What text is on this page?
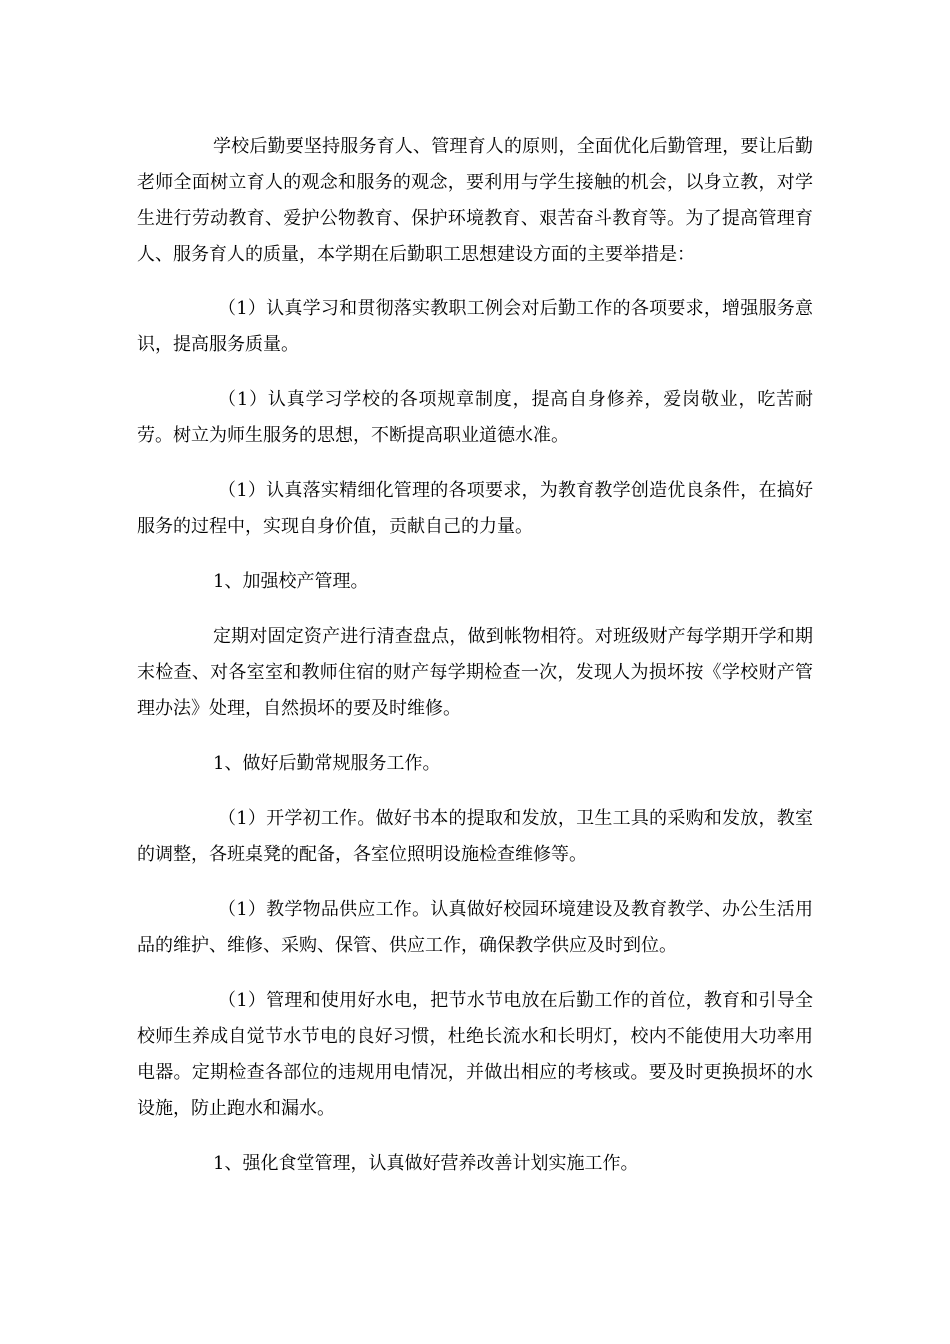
学校后勤要坚持服务育人、管理育人的原则，全面优化后勤管理，要让后勤老师全面树立育人的观念和服务的观念，要利用与学生接触的机会，以身立教，对学生进行劳动教育、爱护公物教育、保护环境教育、艰苦奋斗教育等。为了提高管理育人、服务育人的质量，本学期在后勤职工思想建设方面的主要举措是：

（1）认真学习和贯彻落实教职工例会对后勤工作的各项要求，增强服务意识，提高服务质量。

（1）认真学习学校的各项规章制度，提高自身修养，爱岗敬业，吃苦耐劳。树立为师生服务的思想，不断提高职业道德水准。

（1）认真落实精细化管理的各项要求，为教育教学创造优良条件，在搞好服务的过程中，实现自身价值，贡献自己的力量。

1、加强校产管理。

定期对固定资产进行清查盘点，做到帐物相符。对班级财产每学期开学和期末检查、对各室室和教师住宿的财产每学期检查一次，发现人为损坏按《学校财产管理办法》处理，自然损坏的要及时维修。

1、做好后勤常规服务工作。

（1）开学初工作。做好书本的提取和发放，卫生工具的采购和发放，教室的调整，各班桌凳的配备，各室位照明设施检查维修等。

（1）教学物品供应工作。认真做好校园环境建设及教育教学、办公生活用品的维护、维修、采购、保管、供应工作，确保教学供应及时到位。

（1）管理和使用好水电，把节水节电放在后勤工作的首位，教育和引导全校师生养成自觉节水节电的良好习惯，杜绝长流水和长明灯，校内不能使用大功率用电器。定期检查各部位的违规用电情况，并做出相应的考核或。要及时更换损坏的水设施，防止跑水和漏水。

1、强化食堂管理，认真做好营养改善计划实施工作。
